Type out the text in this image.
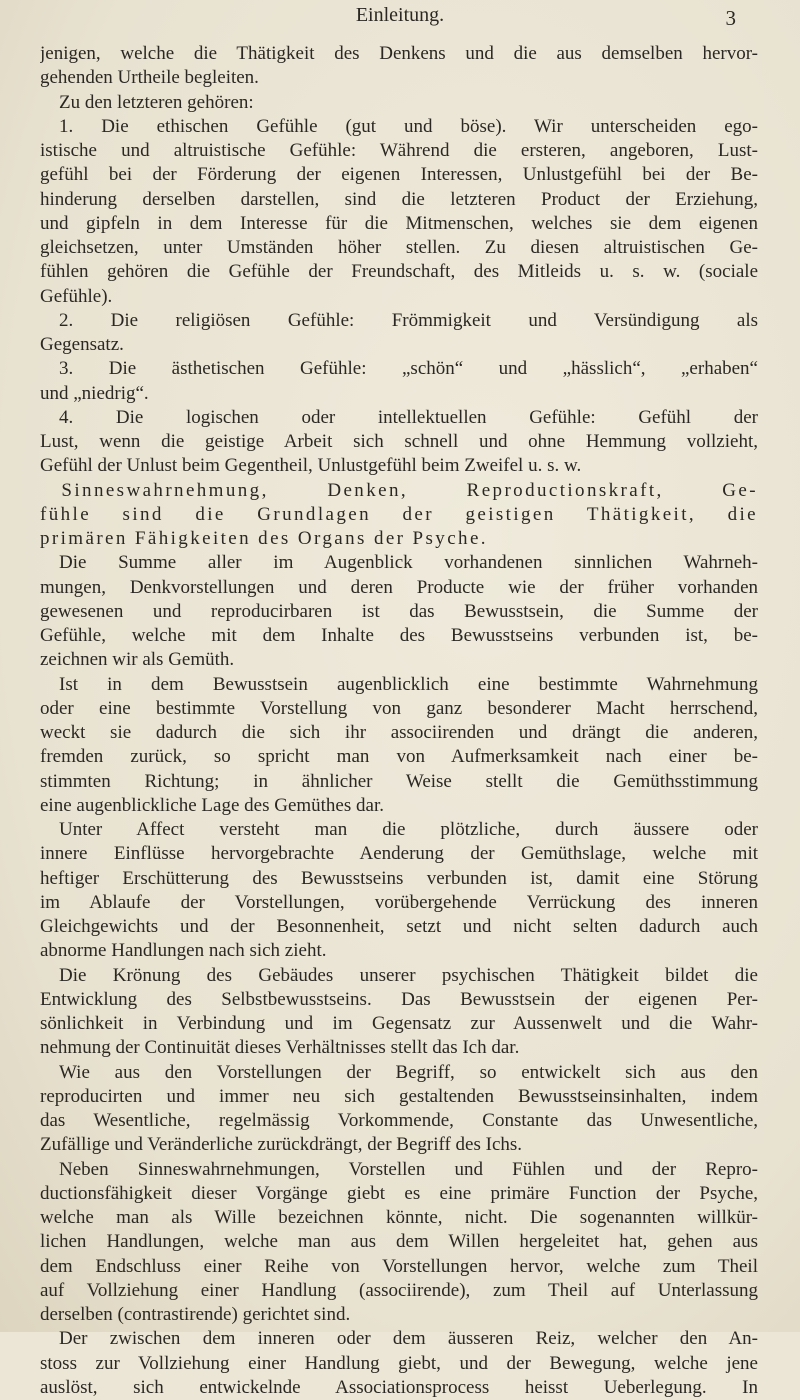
Einleitung.	3
jenigen, welche die Thätigkeit des Denkens und die aus demselben hervor-
gehenden Urtheile begleiten.
 Zu den letzteren gehören:
 1. Die ethischen Gefühle (gut und böse). Wir unterscheiden ego-
istische und altruistische Gefühle: Während die ersteren, angeboren, Lust-
gefühl bei der Förderung der eigenen Interessen, Unlustgefühl bei der Be-
hinderung derselben darstellen, sind die letzteren Product der Erziehung,
und gipfeln in dem Interesse für die Mitmenschen, welches sie dem eigenen
gleichsetzen, unter Umständen höher stellen. Zu diesen altruistischen Ge-
fühlen gehören die Gefühle der Freundschaft, des Mitleids u. s. w. (sociale
Gefühle).
 2. Die religiösen Gefühle: Frömmigkeit und Versündigung als
Gegensatz.
 3. Die ästhetischen Gefühle: „schön“ und „hässlich“, „erhaben“
und „niedrig“.
 4. Die logischen oder intellektuellen Gefühle: Gefühl der
Lust, wenn die geistige Arbeit sich schnell und ohne Hemmung vollzieht,
Gefühl der Unlust beim Gegentheil, Unlustgefühl beim Zweifel u. s. w.
 Sinneswahrnehmung, Denken, Reproductionskraft, Ge-
fühle sind die Grundlagen der geistigen Thätigkeit, die
primären Fähigkeiten des Organs der Psyche.
 Die Summe aller im Augenblick vorhandenen sinnlichen Wahrneh-
mungen, Denkvorstellungen und deren Producte wie der früher vorhanden
gewesenen und reproducirbaren ist das Bewusstsein, die Summe der
Gefühle, welche mit dem Inhalte des Bewusstseins verbunden ist, be-
zeichnen wir als Gemüth.
 Ist in dem Bewusstsein augenblicklich eine bestimmte Wahrnehmung
oder eine bestimmte Vorstellung von ganz besonderer Macht herrschend,
weckt sie dadurch die sich ihr associirenden und drängt die anderen,
fremden zurück, so spricht man von Aufmerksamkeit nach einer be-
stimmten Richtung; in ähnlicher Weise stellt die Gemüthsstimmung
eine augenblickliche Lage des Gemüthes dar.
 Unter Affect versteht man die plötzliche, durch äussere oder
innere Einflüsse hervorgebrachte Aenderung der Gemüthslage, welche mit
heftiger Erschütterung des Bewusstseins verbunden ist, damit eine Störung
im Ablaufe der Vorstellungen, vorübergehende Verrückung des inneren
Gleichgewichts und der Besonnenheit, setzt und nicht selten dadurch auch
abnorme Handlungen nach sich zieht.
 Die Krönung des Gebäudes unserer psychischen Thätigkeit bildet die
Entwicklung des Selbstbewusstseins. Das Bewusstsein der eigenen Per-
sönlichkeit in Verbindung und im Gegensatz zur Aussenwelt und die Wahr-
nehmung der Continuität dieses Verhältnisses stellt das Ich dar.
 Wie aus den Vorstellungen der Begriff, so entwickelt sich aus den
reproducirten und immer neu sich gestaltenden Bewusstseinsinhalten, indem
das Wesentliche, regelmässig Vorkommende, Constante das Unwesentliche,
Zufällige und Veränderliche zurückdrängt, der Begriff des Ichs.
 Neben Sinneswahrnehmungen, Vorstellen und Fühlen und der Repro-
ductionsfähigkeit dieser Vorgänge giebt es eine primäre Function der Psyche,
welche man als Wille bezeichnen könnte, nicht. Die sogenannten willkür-
lichen Handlungen, welche man aus dem Willen hergeleitet hat, gehen aus
dem Endschluss einer Reihe von Vorstellungen hervor, welche zum Theil
auf Vollziehung einer Handlung (associirende), zum Theil auf Unterlassung
derselben (contrastirende) gerichtet sind.
 Der zwischen dem inneren oder dem äusseren Reiz, welcher den An-
stoss zur Vollziehung einer Handlung giebt, und der Bewegung, welche jene
auslöst, sich entwickelnde Associationsprocess heisst Ueberlegung. In
